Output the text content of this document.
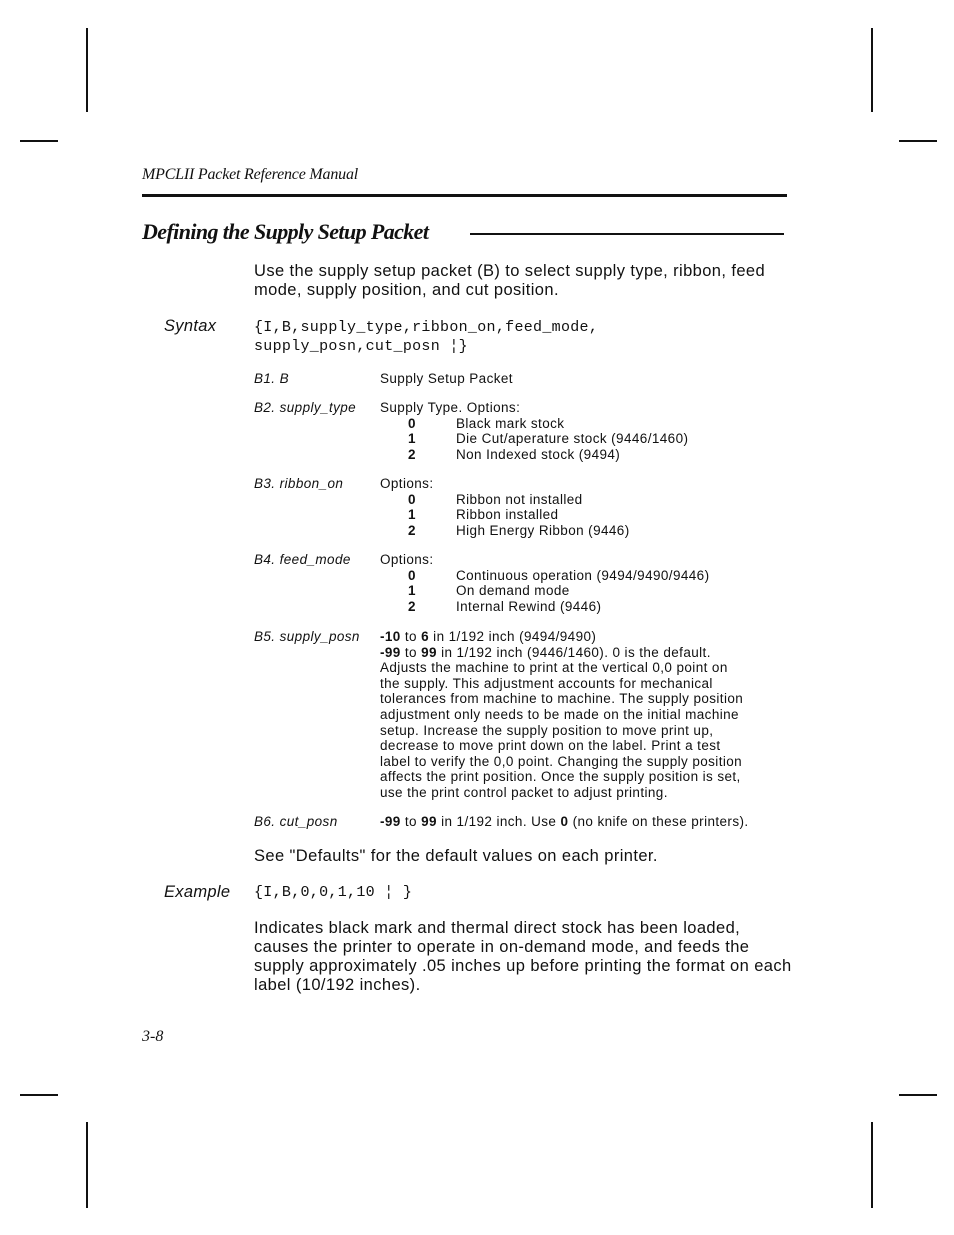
MPCLII Packet Reference Manual
Defining the Supply Setup Packet
Use the supply setup packet (B) to select supply type, ribbon, feed mode, supply position, and cut position.
Syntax	{I,B,supply_type,ribbon_on,feed_mode,
supply_posn,cut_posn ¦}
B1. B	Supply Setup Packet
B2. supply_type Supply Type. Options:
0	Black mark stock
1	Die Cut/aperature stock (9446/1460)
2	Non Indexed stock (9494)
B3. ribbon_on	Options:
0	Ribbon not installed
1	Ribbon installed
2	High Energy Ribbon (9446)
B4. feed_mode Options:
0	Continuous operation (9494/9490/9446)
1	On demand mode
2	Internal Rewind (9446)
B5. supply_posn -10 to 6 in 1/192 inch (9494/9490)
-99 to 99 in 1/192 inch (9446/1460). 0 is the default.
Adjusts the machine to print at the vertical 0,0 point on
the supply. This adjustment accounts for mechanical
tolerances from machine to machine. The supply position
adjustment only needs to be made on the initial machine
setup. Increase the supply position to move print up,
decrease to move print down on the label. Print a test
label to verify the 0,0 point. Changing the supply position
affects the print position. Once the supply position is set,
use the print control packet to adjust printing.
B6. cut_posn	-99 to 99 in 1/192 inch. Use 0 (no knife on these printers).
See "Defaults" for the default values on each printer.
Example {I,B,0,0,1,10 ¦ }
Indicates black mark and thermal direct stock has been loaded, causes the printer to operate in on-demand mode, and feeds the supply approximately .05 inches up before printing the format on each label (10/192 inches).
3-8
